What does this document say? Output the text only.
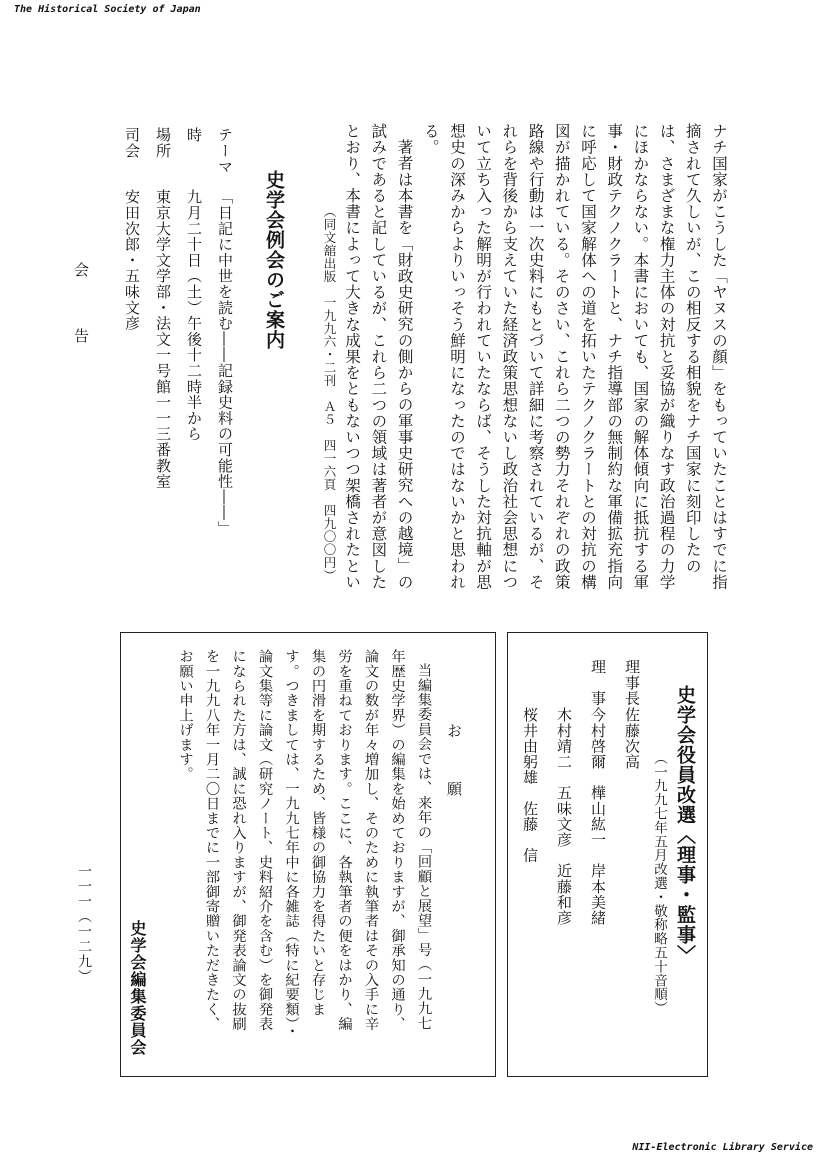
The Historical Society of Japan
NII-Electronic Library Service

ナチ国家がこうした「ヤヌスの顔」をもっていたことはすでに指摘されて久しいが、この相反する相貌をナチ国家に刻印したのは、さまざまな権力主体の対抗と妥協が織りなす政治過程の力学にほかならない。本書においても、国家の解体傾向に抵抗する軍事・財政テクノクラートと、ナチ指導部の無制約な軍備拡充指向に呼応して国家解体への道を拓いたテクノクラートとの対抗の構図が描かれている。そのさい、これら二つの勢力それぞれの政策路線や行動は一次史料にもとづいて詳細に考察されているが、それらを背後から支えていた経済政策思想ないし政治社会思想について立ち入った解明が行われていたならば、そうした対抗軸が思想史の深みからよりいっそう鮮明になったのではないかと思われる。

著者は本書を「財政史研究の側からの軍事史研究への越境」の試みであると記しているが、これら二つの領域は著者が意図したとおり、本書によって大きな成果をともないつつ架橋されたとい

（同文舘出版　一九九六・二刊　Ａ５　四一六頁　四九〇〇円）
史学会例会のご案内
テーマ「日記に中世を読む――記録史料の可能性――」
時九月二十日（土）午後十二時半から
場所東京大学文学部・法文一号館一一三番教室
司会安田次郎・五味文彦
会　告
史学会役員改選〈理事・監事〉
（一九九七年五月改選・敬称略五十音順）
理事長佐藤次高
理　事今村啓爾　樺山紘一　岸本美緒
木村靖二　五味文彦　近藤和彦
桜井由躬雄　佐藤　信
お　願　

当編集委員会では、来年の「回顧と展望」号（一九九七年歴史学界）の編集を始めておりますが、御承知の通り、論文の数が年々増加し、そのために執筆者はその入手に辛労を重ねております。ここに、各執筆者の便をはかり、編集の円滑を期するため、皆様の御協力を得たいと存じます。つきましては、一九九七年中に各雑誌（特に紀要類）・論文集等に論文（研究ノート、史料紹介を含む）を御発表になられた方は、誠に恐れ入りますが、御発表論文の抜刷を一九九八年一月二〇日までに一部御寄贈いただきたく、お願い申上げます。

史学会編集委員会
一一一（一二九）
